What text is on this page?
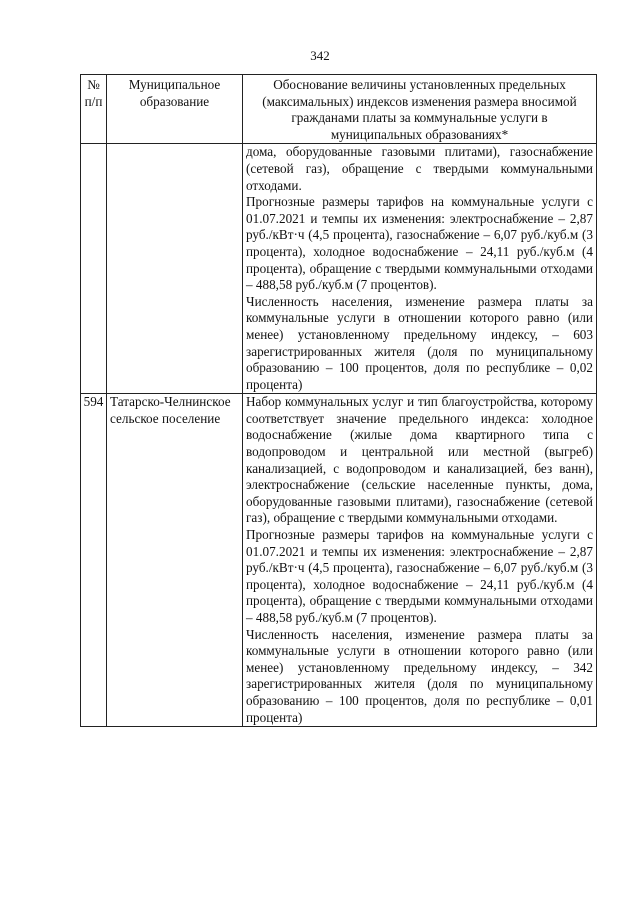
342
№ п/п	Муниципальное образование	Обоснование величины установленных предельных (максимальных) индексов изменения размера вносимой гражданами платы за коммунальные услуги в муниципальных образованиях*

		дома, оборудованные газовыми плитами), газоснабжение (сетевой газ), обращение с твердыми коммунальными отходами.

Прогнозные размеры тарифов на коммунальные услуги с 01.07.2021 и темпы их изменения: электроснабжение – 2,87 руб./кВт·ч (4,5 процента), газоснабжение – 6,07 руб./куб.м (3 процента), холодное водоснабжение – 24,11 руб./куб.м (4 процента), обращение с твердыми коммунальными отходами – 488,58 руб./куб.м (7 процентов).

Численность населения, изменение размера платы за коммунальные услуги в отношении которого равно (или менее) установленному предельному индексу, – 603 зарегистрированных жителя (доля по муниципальному образованию – 100 процентов, доля по республике – 0,02 процента)

594	Татарско-Челнинское сельское поселение	Набор коммунальных услуг и тип благоустройства, которому соответствует значение предельного индекса: холодное водоснабжение (жилые дома квартирного типа с водопроводом и центральной или местной (выгреб) канализацией, с водопроводом и канализацией, без ванн), электроснабжение (сельские населенные пункты, дома, оборудованные газовыми плитами), газоснабжение (сетевой газ), обращение с твердыми коммунальными отходами.

Прогнозные размеры тарифов на коммунальные услуги с 01.07.2021 и темпы их изменения: электроснабжение – 2,87 руб./кВт·ч (4,5 процента), газоснабжение – 6,07 руб./куб.м (3 процента), холодное водоснабжение – 24,11 руб./куб.м (4 процента), обращение с твердыми коммунальными отходами – 488,58 руб./куб.м (7 процентов).

Численность населения, изменение размера платы за коммунальные услуги в отношении которого равно (или менее) установленному предельному индексу, – 342 зарегистрированных жителя (доля по муниципальному образованию – 100 процентов, доля по республике – 0,01 процента)
